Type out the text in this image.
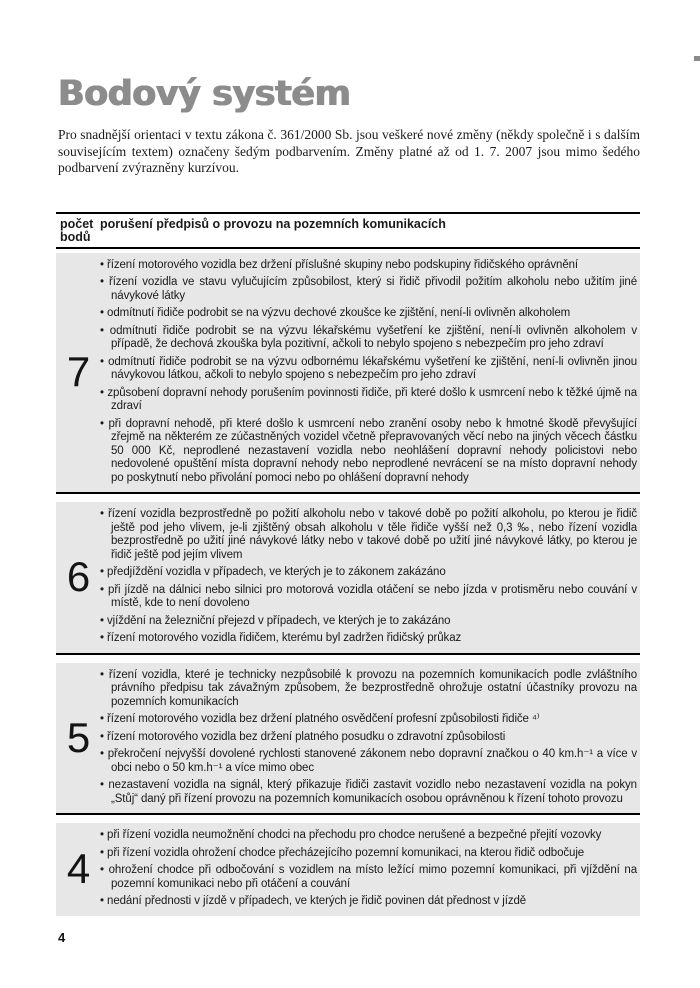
Bodový systém

Pro snadnější orientaci v textu zákona č. 361/2000 Sb. jsou veškeré nové změny (někdy společně i s dalším souvisejícím textem) označeny šedým podbarvením. Změny platné až od 1. 7. 2007 jsou mimo šedého podbarvení zvýrazněny kurzívou.

počet
bodů
porušení předpisů o provozu na pozemních komunikacích
7
• řízení motorového vozidla bez držení příslušné skupiny nebo podskupiny řidičského oprávnění
• řízení vozidla ve stavu vylučujícím způsobilost, který si řidič přivodil požitím alkoholu nebo užitím jiné návykové látky
• odmítnutí řidiče podrobit se na výzvu dechové zkoušce ke zjištění, není-li ovlivněn alkoholem
• odmítnutí řidiče podrobit se na výzvu lékařskému vyšetření ke zjištění, není-li ovlivněn alkoholem v případě, že dechová zkouška byla pozitivní, ačkoli to nebylo spojeno s nebezpečím pro jeho zdraví
• odmítnutí řidiče podrobit se na výzvu odbornému lékařskému vyšetření ke zjištění, není-li ovlivněn jinou návykovou látkou, ačkoli to nebylo spojeno s nebezpečím pro jeho zdraví
• způsobení dopravní nehody porušením povinnosti řidiče, při které došlo k usmrcení nebo k těžké újmě na zdraví
• při dopravní nehodě, při které došlo k usmrcení nebo zranění osoby nebo k hmotné škodě převyšující zřejmě na některém ze zúčastněných vozidel včetně přepravovaných věcí nebo na jiných věcech částku 50 000 Kč, neprodlené nezastavení vozidla nebo neohlášení dopravní nehody policistovi nebo nedovolené opuštění místa dopravní nehody nebo neprodlené nevrácení se na místo dopravní nehody po poskytnutí nebo přivolání pomoci nebo po ohlášení dopravní nehody
6
• řízení vozidla bezprostředně po požití alkoholu nebo v takové době po požití alkoholu, po kterou je řidič ještě pod jeho vlivem, je-li zjištěný obsah alkoholu v těle řidiče vyšší než 0,3 ‰, nebo řízení vozidla bezprostředně po užití jiné návykové látky nebo v takové době po užití jiné návykové látky, po kterou je řidič ještě pod jejím vlivem
• předjíždění vozidla v případech, ve kterých je to zákonem zakázáno
• při jízdě na dálnici nebo silnici pro motorová vozidla otáčení se nebo jízda v protisměru nebo couvání v místě, kde to není dovoleno
• vjíždění na železniční přejezd v případech, ve kterých je to zakázáno
• řízení motorového vozidla řidičem, kterému byl zadržen řidičský průkaz
5
• řízení vozidla, které je technicky nezpůsobilé k provozu na pozemních komunikacích podle zvláštního právního předpisu tak závažným způsobem, že bezprostředně ohrožuje ostatní účastníky provozu na pozemních komunikacích
• řízení motorového vozidla bez držení platného osvědčení profesní způsobilosti řidiče ⁴⁾
• řízení motorového vozidla bez držení platného posudku o zdravotní způsobilosti
• překročení nejvyšší dovolené rychlosti stanovené zákonem nebo dopravní značkou o 40 km.h⁻¹ a více v obci nebo o 50 km.h⁻¹ a více mimo obec
• nezastavení vozidla na signál, který přikazuje řidiči zastavit vozidlo nebo nezastavení vozidla na pokyn „Stůj“ daný při řízení provozu na pozemních komunikacích osobou oprávněnou k řízení tohoto provozu
4
• při řízení vozidla neumožnění chodci na přechodu pro chodce nerušené a bezpečné přejití vozovky
• při řízení vozidla ohrožení chodce přecházejícího pozemní komunikaci, na kterou řidič odbočuje
• ohrožení chodce při odbočování s vozidlem na místo ležící mimo pozemní komunikaci, při vjíždění na pozemní komunikaci nebo při otáčení a couvání
• nedání přednosti v jízdě v případech, ve kterých je řidič povinen dát přednost v jízdě
4
